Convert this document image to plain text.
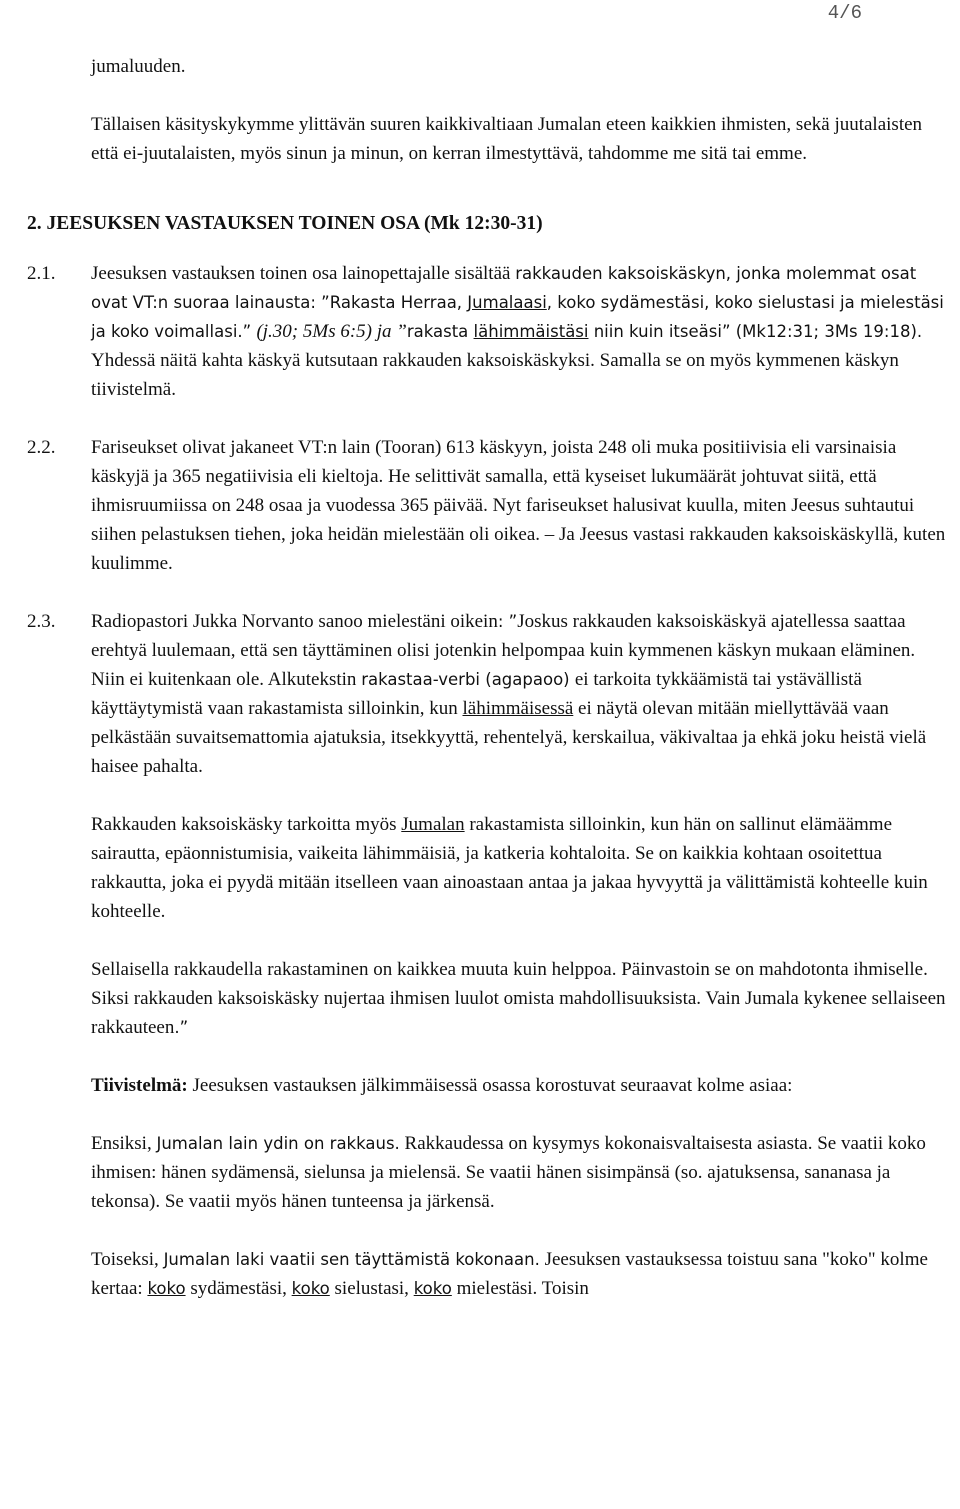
4/6

jumaluuden.

Tällaisen käsityskykymme ylittävän suuren kaikkivaltiaan Jumalan eteen kaikkien ihmisten, sekä juutalaisten että ei-juutalaisten, myös sinun ja minun, on kerran ilmestyttävä, tahdomme me sitä tai emme.

2. JEESUKSEN VASTAUKSEN TOINEN OSA (Mk 12:30-31)

2.1. Jeesuksen vastauksen toinen osa lainopettajalle sisältää rakkauden kaksoiskäskyn, jonka molemmat osat ovat VT:n suoraa lainausta: ”Rakasta Herraa, Jumalaasi, koko sydämestäsi, koko sielustasi ja mielestäsi ja koko voimallasi.” (j.30; 5Ms 6:5) ja ”rakasta lähimmäistäsi niin kuin itseäsi” (Mk12:31; 3Ms 19:18). Yhdessä näitä kahta käskyä kutsutaan rakkauden kaksoiskäskyksi. Samalla se on myös kymmenen käskyn tiivistelmä.
2.2. Fariseukset olivat jakaneet VT:n lain (Tooran) 613 käskyyn, joista 248 oli muka positiivisia eli varsinaisia käskyjä ja 365 negatiivisia eli kieltoja. He selittivät samalla, että kyseiset lukumäärät johtuvat siitä, että ihmisruumiissa on 248 osaa ja vuodessa 365 päivää. Nyt fariseukset halusivat kuulla, miten Jeesus suhtautui siihen pelastuksen tiehen, joka heidän mielestään oli oikea. – Ja Jeesus vastasi rakkauden kaksoiskäskyllä, kuten kuulimme.
2.3. Radiopastori Jukka Norvanto sanoo mielestäni oikein: ”Joskus rakkauden kaksoiskäskyä ajatellessa saattaa erehtyä luulemaan, että sen täyttäminen olisi jotenkin helpompaa kuin kymmenen käskyn mukaan eläminen. Niin ei kuitenkaan ole. Alkutekstin rakastaa-verbi (agapaoo) ei tarkoita tykkäämistä tai ystävällistä käyttäytymistä vaan rakastamista silloinkin, kun lähimmäisessä ei näytä olevan mitään miellyttävää vaan pelkästään suvaitsemattomia ajatuksia, itsekkyyttä, rehentelyä, kerskailua, väkivaltaa ja ehkä joku heistä vielä haisee pahalta.
Rakkauden kaksoiskäsky tarkoitta myös Jumalan rakastamista silloinkin, kun hän on sallinut elämäämme sairautta, epäonnistumisia, vaikeita lähimmäisiä, ja katkeria kohtaloita. Se on kaikkia kohtaan osoitettua rakkautta, joka ei pyydä mitään itselleen vaan ainoastaan antaa ja jakaa hyvyyttä ja välittämistä kohteelle kuin kohteelle.
Sellaisella rakkaudella rakastaminen on kaikkea muuta kuin helppoa. Päinvastoin se on mahdotonta ihmiselle. Siksi rakkauden kaksoiskäsky nujertaa ihmisen luulot omista mahdollisuuksista. Vain Jumala kykenee sellaiseen rakkauteen.”
Tiivistelmä: Jeesuksen vastauksen jälkimmäisessä osassa korostuvat seuraavat kolme asiaa:
Ensiksi, Jumalan lain ydin on rakkaus. Rakkaudessa on kysymys kokonaisvaltaisesta asiasta. Se vaatii koko ihmisen: hänen sydämensä, sielunsa ja mielensä. Se vaatii hänen sisimpänsä (so. ajatuksensa, sananasa ja tekonsa). Se vaatii myös hänen tunteensa ja järkensä.
Toiseksi, Jumalan laki vaatii sen täyttämistä kokonaan. Jeesuksen vastauksessa toistuu sana "koko" kolme kertaa: koko sydämestäsi, koko sielustasi, koko mielestäsi. Toisin
